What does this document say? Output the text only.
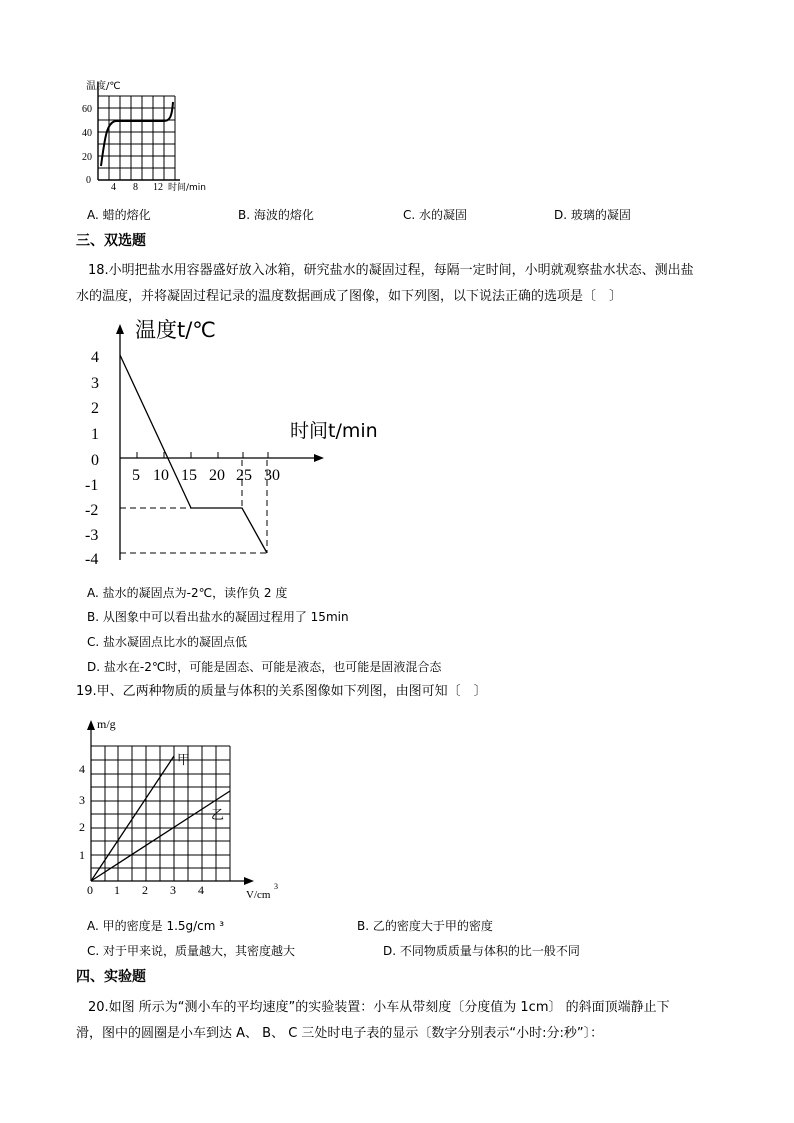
温度/℃
60
40
20
0
4 8 12 时间/min
A. 蜡的熔化	B. 海波的熔化	C. 水的凝固	D. 玻璃的凝固
三、双选题
18.小明把盐水用容器盛好放入冰箱，研究盐水的凝固过程，每隔一定时间，小明就观察盐水状态、测出盐
水的温度，并将凝固过程记录的温度数据画成了图像，如下列图，以下说法正确的选项是〔　〕
温度t/℃
时间t/min
4
3
2
1
0
-1
-2
-3
-4
5 10 15 20 25 30
A. 盐水的凝固点为-2℃，读作负 2 度
B. 从图象中可以看出盐水的凝固过程用了 15min
C. 盐水凝固点比水的凝固点低
D. 盐水在-2℃时，可能是固态、可能是液态，也可能是固液混合态
19.甲、乙两种物质的质量与体积的关系图像如下列图，由图可知〔　〕
甲
乙
m/g
4
3
2
1
0 1 2 3 4	V/cm
3
A. 甲的密度是 1.5g/cm ³	B. 乙的密度大于甲的密度
C. 对于甲来说，质量越大，其密度越大	D. 不同物质质量与体积的比一般不同
四、实验题
20.如图 所示为“测小车的平均速度”的实验装置：小车从带刻度〔分度值为 1cm〕 的斜面顶端静止下
滑，图中的圆圈是小车到达 A、 B、 C 三处时电子表的显示〔数字分别表示“小时:分:秒”〕：
